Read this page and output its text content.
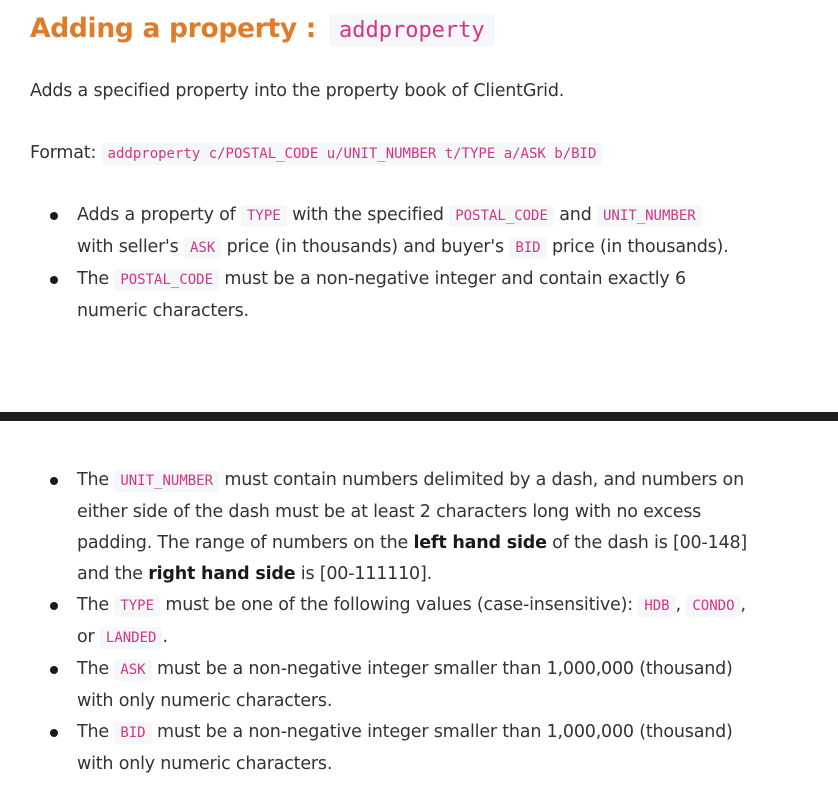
Adding a property : addproperty

Adds a specified property into the property book of ClientGrid.

Format: addproperty c/POSTAL_CODE u/UNIT_NUMBER t/TYPE a/ASK b/BID

Adds a property of TYPE with the specified POSTAL_CODE and UNIT_NUMBER
with seller's ASK price (in thousands) and buyer's BID price (in thousands).
The POSTAL_CODE must be a non-negative integer and contain exactly 6
numeric characters.
The UNIT_NUMBER must contain numbers delimited by a dash, and numbers on
either side of the dash must be at least 2 characters long with no excess
padding. The range of numbers on the left hand side of the dash is [00-148]
and the right hand side is [00-111110].
The TYPE must be one of the following values (case-insensitive): HDB , CONDO ,
or LANDED .
The ASK must be a non-negative integer smaller than 1,000,000 (thousand)
with only numeric characters.
The BID must be a non-negative integer smaller than 1,000,000 (thousand)
with only numeric characters.
